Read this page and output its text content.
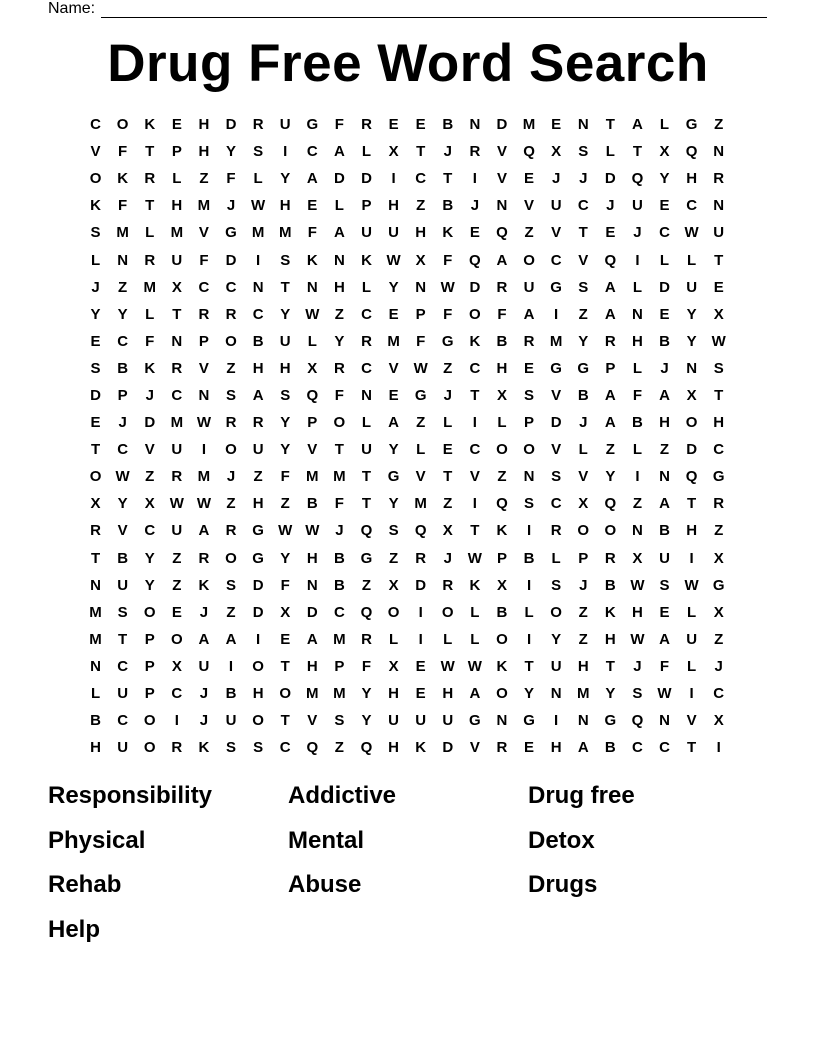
Name:
Drug Free Word Search
C	O	K	E	H	D	R	U	G	F	R	E	E	B	N	D	M	E	N	T	A	L	G	Z
V	F	T	P	H	Y	S	I	C	A	L	X	T	J	R	V	Q	X	S	L	T	X	Q	N
O	K	R	L	Z	F	L	Y	A	D	D	I	C	T	I	V	E	J	J	D	Q	Y	H	R
K	F	T	H	M	J	W H	E	L	P	H	Z	B	J	N	V	U	C	J	U	E	C	N
S	M	L	M	V	G	M M	F	A	U	U	H	K	E	Q	Z	V	T	E	J	C W U
L	N	R	U	F	D	I	S	K	N	K W	X	F	Q	A	O	C	V	Q	I	L	L	T
J	Z	M	X	C	C	N	T	N	H	L	Y	N W D	R	U	G	S	A	L	D	U	E
Y	Y	L	T	R	R	C	Y	W	Z	C	E	P	F	O	F	A	I	Z	A	N	E	Y	X
E	C	F	N	P	O	B	U	L	Y	R	M	F	G	K	B	R	M	Y	R	H	B	Y	W
S	B	K	R	V	Z	H	H	X	R	C	V	W	Z	C	H	E	G	G	P	L	J	N	S
D	P	J	C	N	S	A	S	Q	F	N	E	G	J	T	X	S	V	B	A	F	A	X	T
E	J	D	M W R	R	Y	P	O	L	A	Z	L	I	L	P	D	J	A	B	H	O	H
T	C	V	U	I	O	U	Y	V	T	U	Y	L	E	C	O	O	V	L	Z	L	Z	D	C
O W	Z	R	M	J	Z	F	M M	T	G	V	T	V	Z	N	S	V	Y	I	N	Q	G
X	Y	X	W W	Z	H	Z	B	F	T	Y	M	Z	I	Q	S	C	X	Q	Z	A	T	R
R	V	C	U	A	R	G W W	J	Q	S	Q	X	T	K	I	R	O	O	N	B	H	Z
T	B	Y	Z	R	O	G	Y	H	B	G	Z	R	J	W	P	B	L	P	R	X	U	I	X
N	U	Y	Z	K	S	D	F	N	B	Z	X	D	R	K	X	I	S	J	B W	S	W G
M	S	O	E	J	Z	D	X	D	C	Q	O	I	O	L	B	L	O	Z	K	H	E	L	X
M	T	P	O	A	A	I	E	A	M	R	L	I	L	L	O	I	Y	Z	H W A	U	Z
N	C	P	X	U	I	O	T	H	P	F	X	E	W W K	T	U	H	T	J	F	L	J
L	U	P	C	J	B	H	O	M M	Y	H	E	H	A	O	Y	N	M	Y	S	W	I	C
B	C	O	I	J	U	O	T	V	S	Y	U	U	U	G	N	G	I	N	G	Q	N	V	X
H	U	O	R	K	S	S	C	Q	Z	Q	H	K	D	V	R	E	H	A	B	C	C	T	I
Responsibility	Addictive	Drug free
Physical	Mental	Detox
Rehab	Abuse	Drugs
Help
